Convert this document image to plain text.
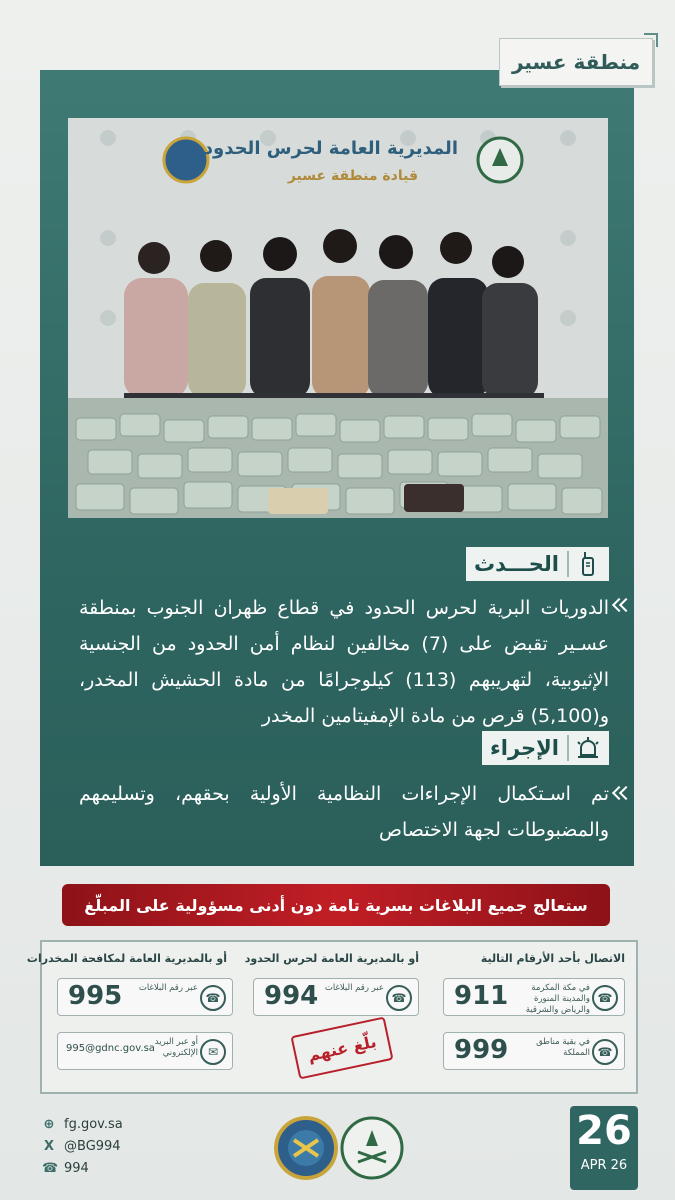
منطقة عسير
المديرية العامة لحرس الحدود
قيادة منطقة عسير
الحـــدث
الدوريات البرية لحرس الحدود في قطاع ظهران الجنوب بمنطقة عسـير تقبض على (7) مخالفين لنظام أمن الحدود من الجنسية الإثيوبية، لتهريبهم (113) كيلوجرامًا من مادة الحشيش المخدر، و(5,100) قرص من مادة الإمفيتامين المخدر
الإجراء
تم اسـتكمال الإجراءات النظامية الأولية بحقهم، وتسليمهم والمضبوطات لجهة الاختصاص
ستعالج جميع البلاغات بسرية تامة دون أدنى مسؤولية على المبلّغ
الاتصال بأحد الأرقام التالية
أو بالمديرية العامة لحرس الحدود
أو بالمديرية العامة لمكافحة المخدرات
☎
في مكة المكرمة والمدينة المنورة والرياض والشرقية
911
☎
في بقية مناطق المملكة
999
☎
عبر رقم البلاغات
994
بلّغ عنهم
☎
عبر رقم البلاغات
995
✉
أو عبر البريد الإلكتروني
995@gdnc.gov.sa
⊕ fg.gov.sa
X @BG994
☎ 994
26
APR 26
